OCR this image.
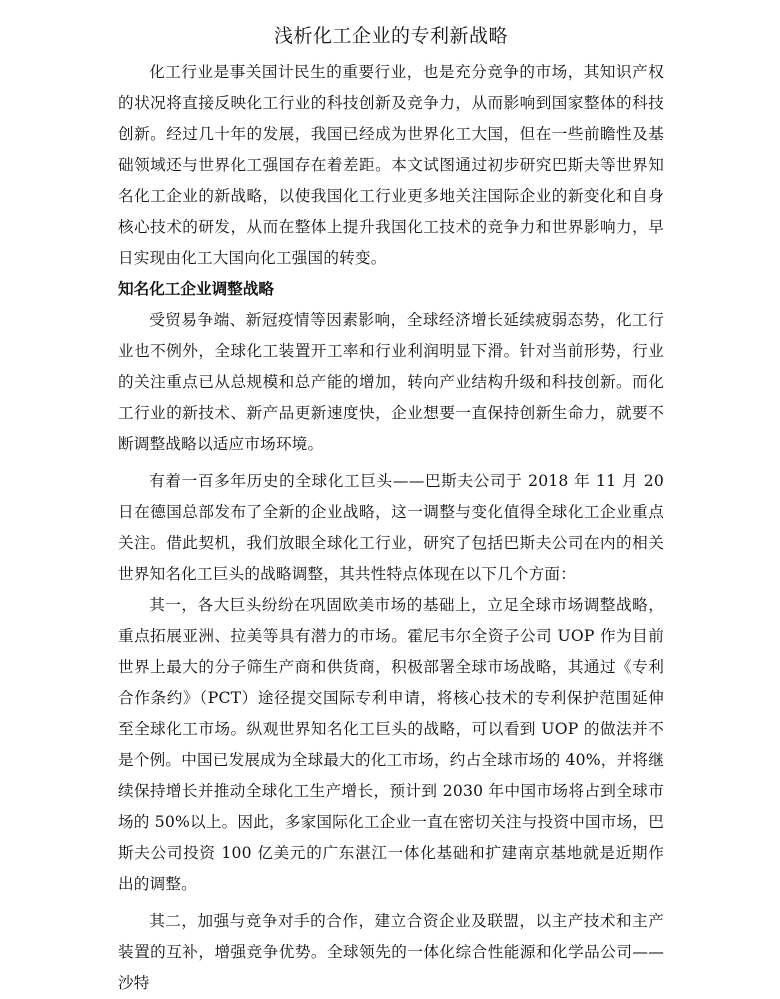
浅析化工企业的专利新战略

化工行业是事关国计民生的重要行业，也是充分竞争的市场，其知识产权的状况将直接反映化工行业的科技创新及竞争力，从而影响到国家整体的科技创新。经过几十年的发展，我国已经成为世界化工大国，但在一些前瞻性及基础领域还与世界化工强国存在着差距。本文试图通过初步研究巴斯夫等世界知名化工企业的新战略，以使我国化工行业更多地关注国际企业的新变化和自身核心技术的研发，从而在整体上提升我国化工技术的竞争力和世界影响力，早日实现由化工大国向化工强国的转变。

知名化工企业调整战略

受贸易争端、新冠疫情等因素影响，全球经济增长延续疲弱态势，化工行业也不例外，全球化工装置开工率和行业利润明显下滑。针对当前形势，行业的关注重点已从总规模和总产能的增加，转向产业结构升级和科技创新。而化工行业的新技术、新产品更新速度快，企业想要一直保持创新生命力，就要不断调整战略以适应市场环境。

有着一百多年历史的全球化工巨头——巴斯夫公司于 2018 年 11 月 20 日在德国总部发布了全新的企业战略，这一调整与变化值得全球化工企业重点关注。借此契机，我们放眼全球化工行业，研究了包括巴斯夫公司在内的相关世界知名化工巨头的战略调整，其共性特点体现在以下几个方面：

其一，各大巨头纷纷在巩固欧美市场的基础上，立足全球市场调整战略，重点拓展亚洲、拉美等具有潜力的市场。霍尼韦尔全资子公司 UOP 作为目前世界上最大的分子筛生产商和供货商，积极部署全球市场战略，其通过《专利合作条约》（PCT）途径提交国际专利申请，将核心技术的专利保护范围延伸至全球化工市场。纵观世界知名化工巨头的战略，可以看到 UOP 的做法并不是个例。中国已发展成为全球最大的化工市场，约占全球市场的 40%，并将继续保持增长并推动全球化工生产增长，预计到 2030 年中国市场将占到全球市场的 50%以上。因此，多家国际化工企业一直在密切关注与投资中国市场，巴斯夫公司投资 100 亿美元的广东湛江一体化基础和扩建南京基地就是近期作出的调整。

其二，加强与竞争对手的合作，建立合资企业及联盟，以主产技术和主产装置的互补，增强竞争优势。全球领先的一体化综合性能源和化学品公司——沙特
